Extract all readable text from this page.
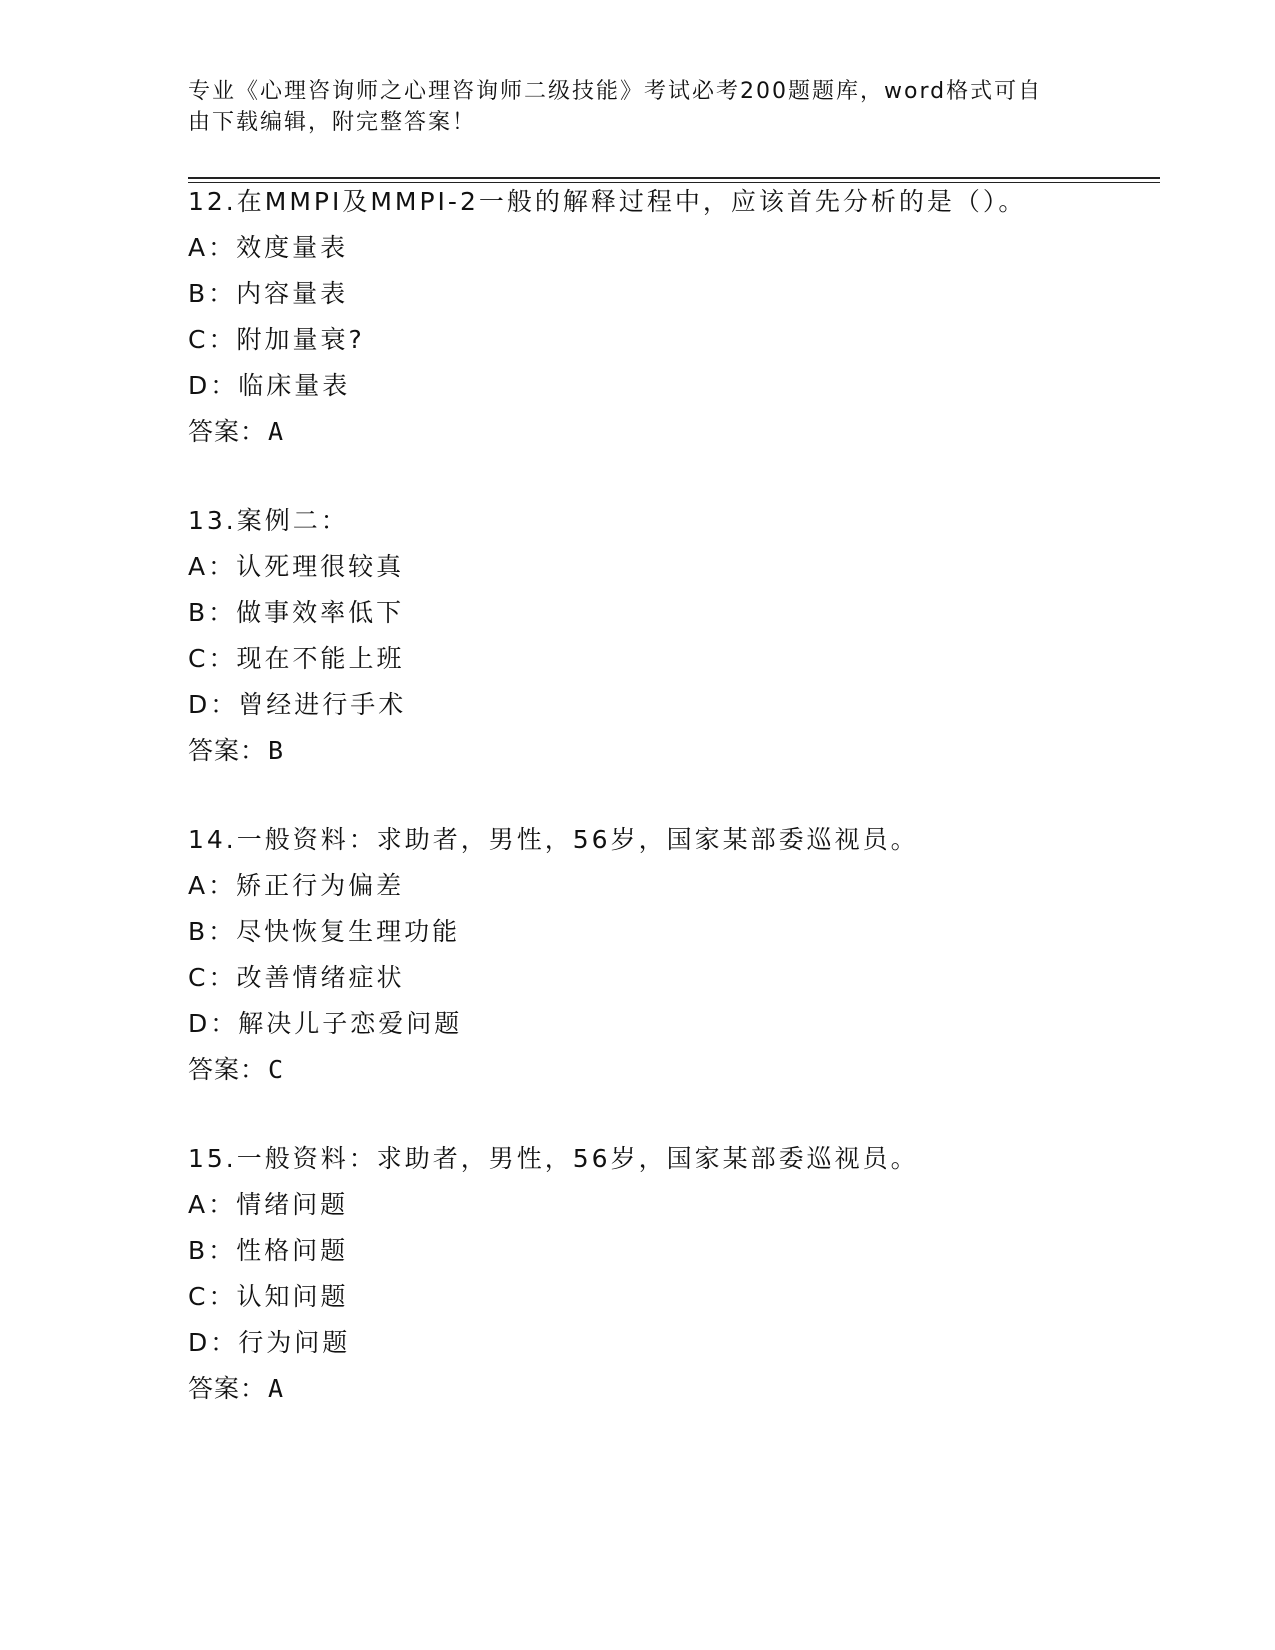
专业《心理咨询师之心理咨询师二级技能》考试必考200题题库，word格式可自
由下载编辑，附完整答案！
12.在MMPI及MMPI-2一般的解释过程中，应该首先分析的是（）。
A：效度量表
B：内容量表
C：附加量衰?
D：临床量表
答案：A
13.案例二：
A：认死理很较真
B：做事效率低下
C：现在不能上班
D：曾经进行手术
答案：B
14.一般资料：求助者，男性，56岁，国家某部委巡视员。
A：矫正行为偏差
B：尽快恢复生理功能
C：改善情绪症状
D：解决儿子恋爱问题
答案：C
15.一般资料：求助者，男性，56岁，国家某部委巡视员。
A：情绪问题
B：性格问题
C：认知问题
D：行为问题
答案：A
